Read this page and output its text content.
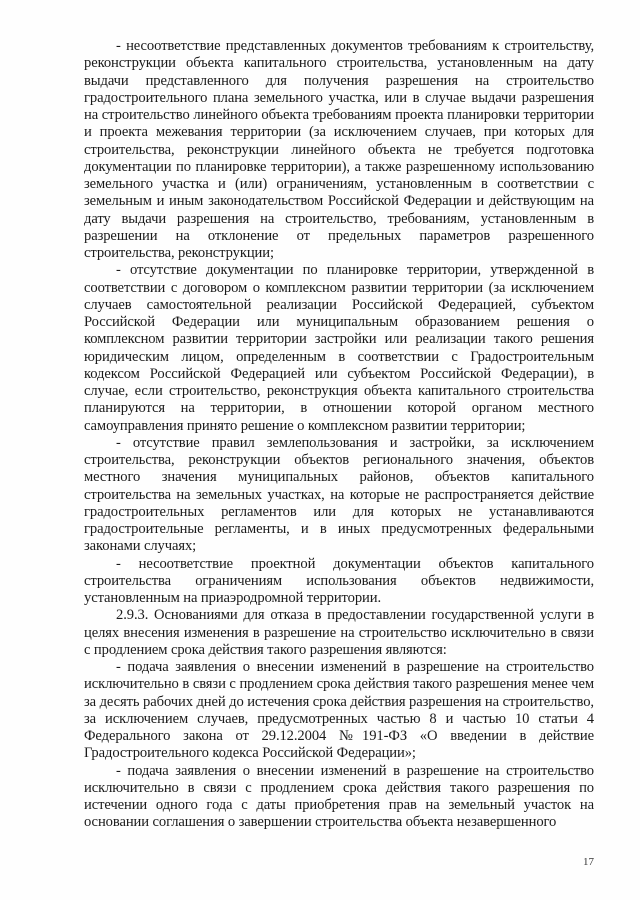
- несоответствие представленных документов требованиям к строительству, реконструкции объекта капитального строительства, установленным на дату выдачи представленного для получения разрешения на строительство градостроительного плана земельного участка, или в случае выдачи разрешения на строительство линейного объекта требованиям проекта планировки территории и проекта межевания территории (за исключением случаев, при которых для строительства, реконструкции линейного объекта не требуется подготовка документации по планировке территории), а также разрешенному использованию земельного участка и (или) ограничениям, установленным в соответствии с земельным и иным законодательством Российской Федерации и действующим на дату выдачи разрешения на строительство, требованиям, установленным в разрешении на отклонение от предельных параметров разрешенного строительства, реконструкции;

- отсутствие документации по планировке территории, утвержденной в соответствии с договором о комплексном развитии территории (за исключением случаев самостоятельной реализации Российской Федерацией, субъектом Российской Федерации или муниципальным образованием решения о комплексном развитии территории застройки или реализации такого решения юридическим лицом, определенным в соответствии с Градостроительным кодексом Российской Федерацией или субъектом Российской Федерации), в случае, если строительство, реконструкция объекта капитального строительства планируются на территории, в отношении которой органом местного самоуправления принято решение о комплексном развитии территории;

- отсутствие правил землепользования и застройки, за исключением строительства, реконструкции объектов регионального значения, объектов местного значения муниципальных районов, объектов капитального строительства на земельных участках, на которые не распространяется действие градостроительных регламентов или для которых не устанавливаются градостроительные регламенты, и в иных предусмотренных федеральными законами случаях;

- несоответствие проектной документации объектов капитального строительства ограничениям использования объектов недвижимости, установленным на приаэродромной территории.

2.9.3. Основаниями для отказа в предоставлении государственной услуги в целях внесения изменения в разрешение на строительство исключительно в связи с продлением срока действия такого разрешения являются:

- подача заявления о внесении изменений в разрешение на строительство исключительно в связи с продлением срока действия такого разрешения менее чем за десять рабочих дней до истечения срока действия разрешения на строительство, за исключением случаев, предусмотренных частью 8 и частью 10 статьи 4 Федерального закона от 29.12.2004 №191-ФЗ «О введении в действие Градостроительного кодекса Российской Федерации»;

- подача заявления о внесении изменений в разрешение на строительство исключительно в связи с продлением срока действия такого разрешения по истечении одного года с даты приобретения прав на земельный участок на основании соглашения о завершении строительства объекта незавершенного

17
